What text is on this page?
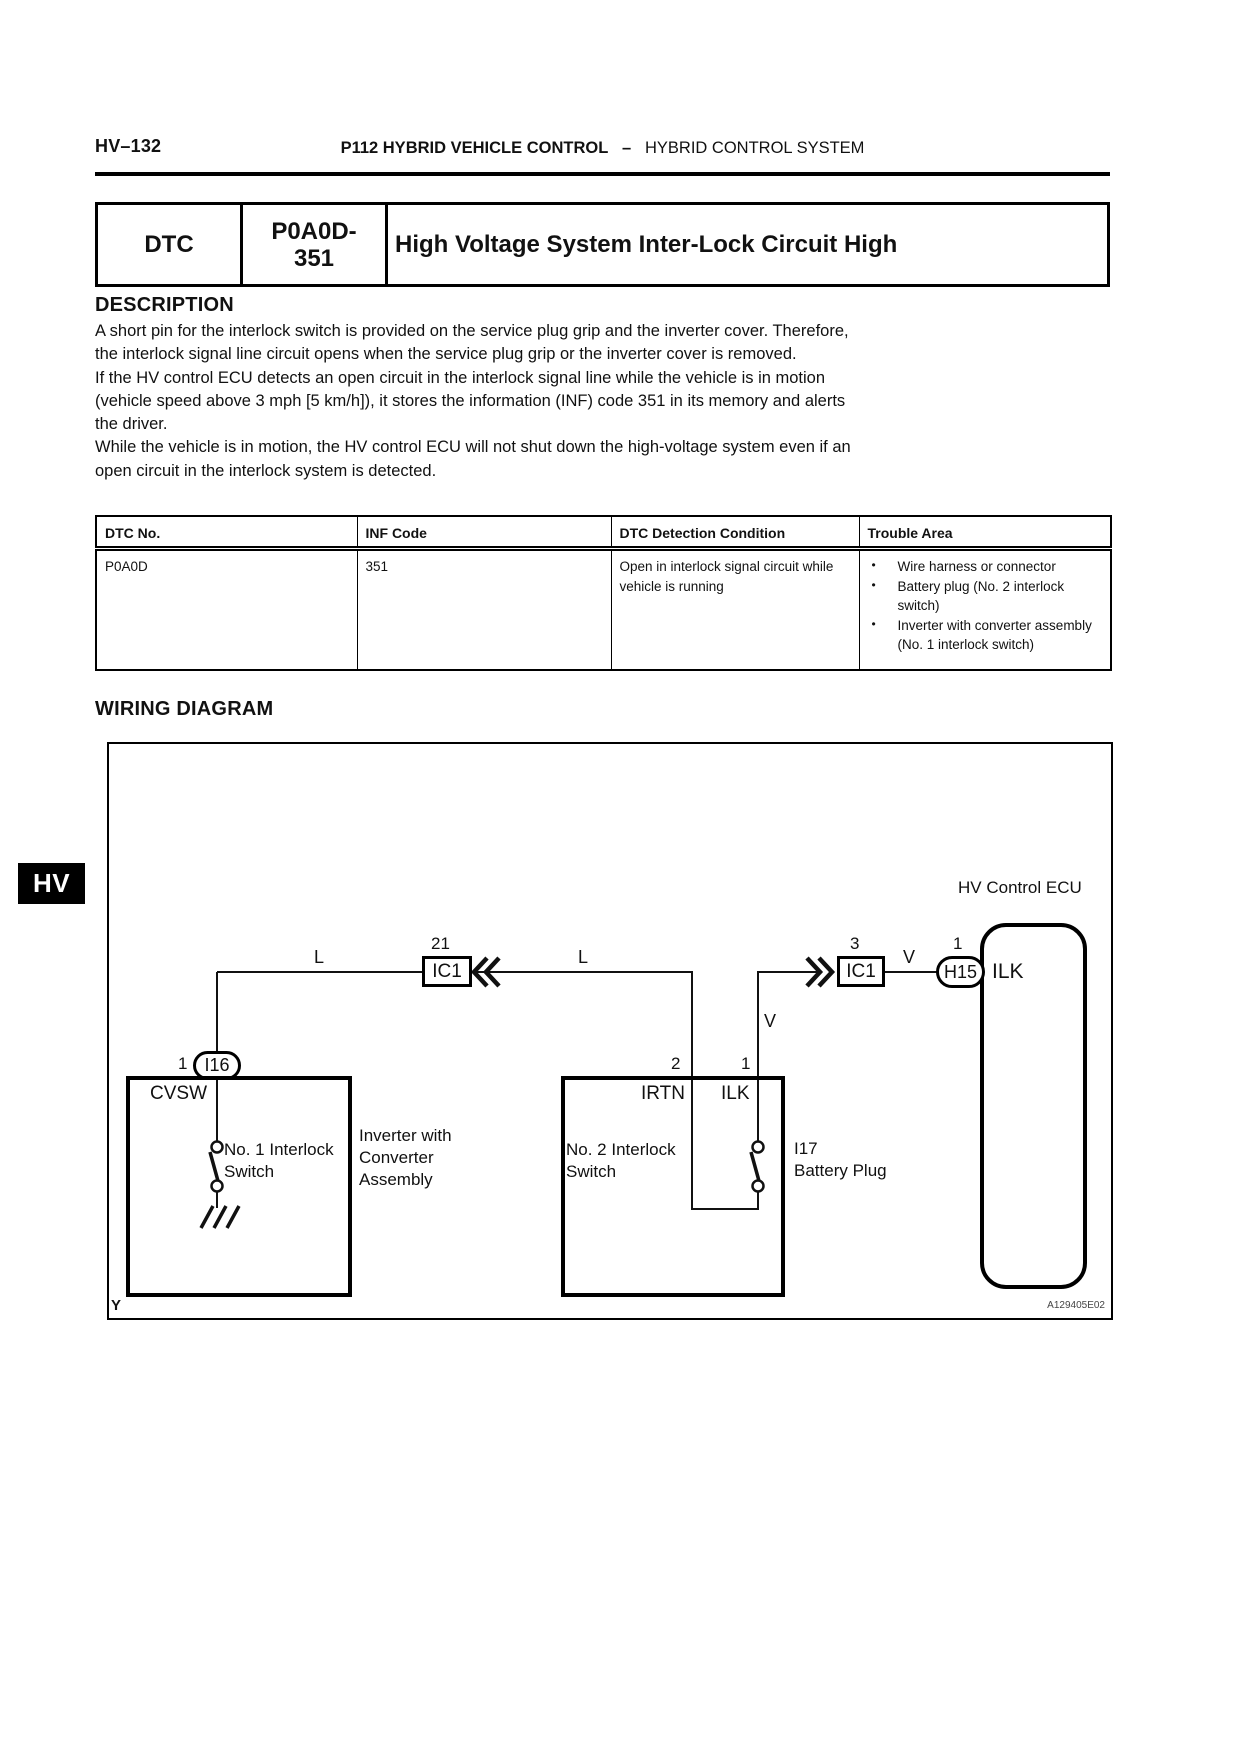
HV–132	P112 HYBRID VEHICLE CONTROL – HYBRID CONTROL SYSTEM
DTC	P0A0D-351	High Voltage System Inter-Lock Circuit High
DESCRIPTION
A short pin for the interlock switch is provided on the service plug grip and the inverter cover. Therefore,
the interlock signal line circuit opens when the service plug grip or the inverter cover is removed.
If the HV control ECU detects an open circuit in the interlock signal line while the vehicle is in motion
(vehicle speed above 3 mph [5 km/h]), it stores the information (INF) code 351 in its memory and alerts
the driver.
While the vehicle is in motion, the HV control ECU will not shut down the high-voltage system even if an
open circuit in the interlock system is detected.
DTC No.	INF Code	DTC Detection Condition	Trouble Area
P0A0D	351	Open in interlock signal circuit while vehicle is running	
• Wire harness or connector
• Battery plug (No. 2 interlock switch)
• Inverter with converter assembly (No. 1 interlock switch)
WIRING DIAGRAM
HV	HV Control ECU
ILK
21
IC1
L	L
3
IC1
V
1
H15
V
1 I16
CVSW
No. 1 Interlock Switch
Inverter with Converter Assembly
2	1
IRTN ILK
No. 2 Interlock Switch
I17
Battery Plug
Y	A129405E02
